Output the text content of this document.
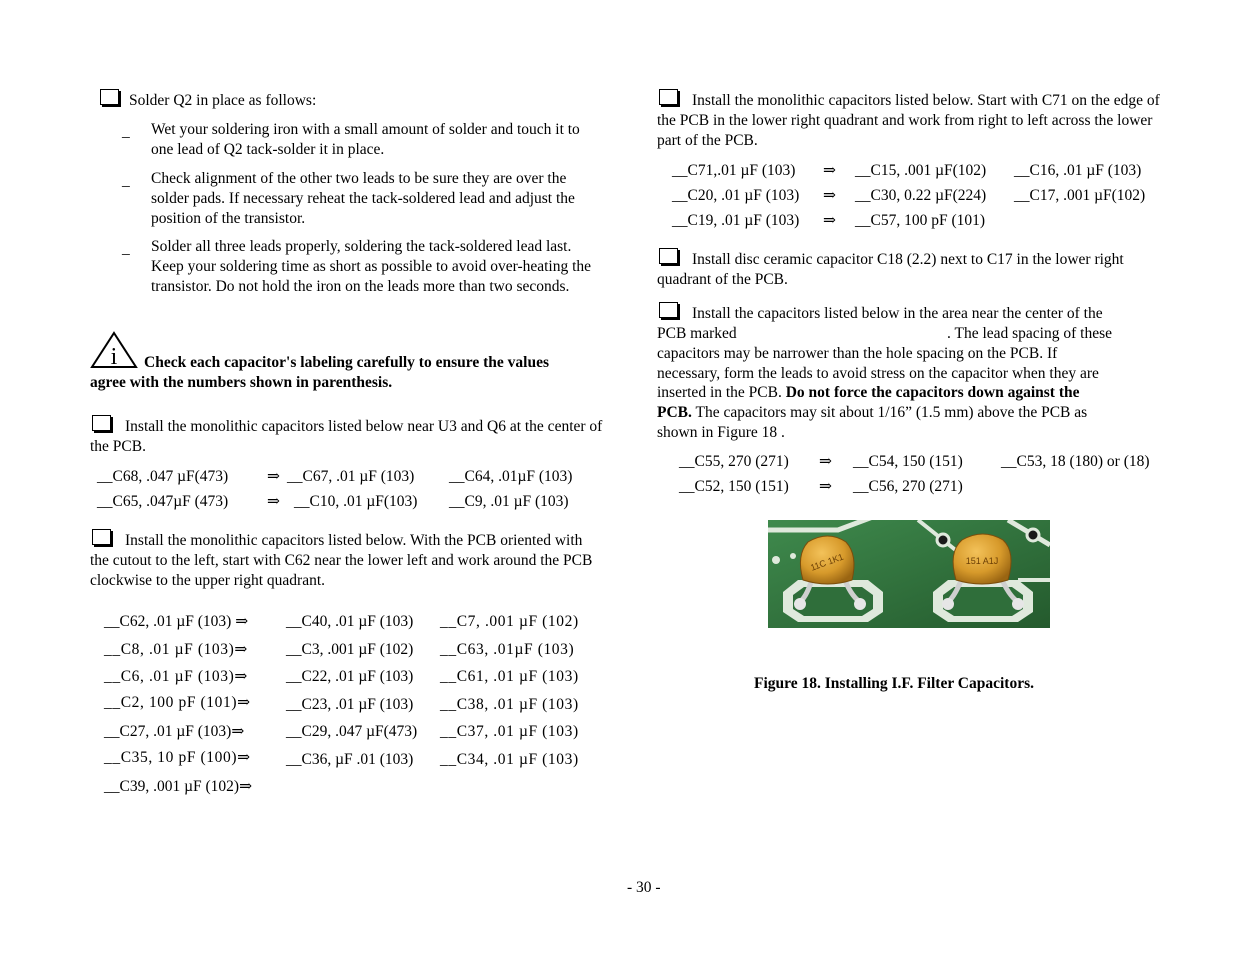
Solder Q2 in place as follows:
_ Wet your soldering iron with a small amount of solder and touch it to one lead of Q2 tack-solder it in place.
_ Check alignment of the other two leads to be sure they are over the solder pads. If necessary reheat the tack-soldered lead and adjust the position of the transistor.
_ Solder all three leads properly, soldering the tack-soldered lead last. Keep your soldering time as short as possible to avoid over-heating the transistor. Do not hold the iron on the leads more than two seconds.
i Check each capacitor's labeling carefully to ensure the values
agree with the numbers shown in parenthesis.
Install the monolithic capacitors listed below near U3 and Q6 at the center of the PCB.
__C68, .047 µF(473)	⇒ __C67, .01 µF (103) __C64, .01µF (103)
__C65, .047µF (473)	⇒ __C10, .01 µF(103) __C9, .01 µF (103)
Install the monolithic capacitors listed below. With the PCB oriented with the cutout to the left, start with C62 near the lower left and work around the PCB clockwise to the upper right quadrant.
__C62, .01 µF (103) ⇒ __C40, .01 µF (103) __C7, .001 µF (102)
__C8, .01 µF (103)⇒ __C3, .001 µF (102) __C63, .01µF (103)
__C6, .01 µF (103)⇒ __C22, .01 µF (103) __C61, .01 µF (103)
__C2, 100 pF (101)⇒ __C23, .01 µF (103) __C38, .01 µF (103)
__C27, .01 µF (103)⇒	__C29, .047 µF(473) __C37, .01 µF (103)
__C35, 10 pF (100)⇒ __C36, µF .01 (103) __C34, .01 µF (103)
__C39, .001 µF (102)⇒
Install the monolithic capacitors listed below. Start with C71 on the edge of the PCB in the lower right quadrant and work from right to left across the lower part of the PCB.
__C71,.01 µF (103) ⇒ __C15, .001 µF(102) __C16, .01 µF (103)
__C20, .01 µF (103) ⇒ __C30, 0.22 µF(224) __C17, .001 µF(102)
__C19, .01 µF (103) ⇒ __C57, 100 pF (101)
Install disc ceramic capacitor C18 (2.2) next to C17 in the lower right quadrant of the PCB.
Install the capacitors listed below in the area near the center of the
PCB marked	. The lead spacing of these
capacitors may be narrower than the hole spacing on the PCB. If
necessary, form the leads to avoid stress on the capacitor when they are
inserted in the PCB. Do not force the capacitors down against the
PCB. The capacitors may sit about 1/16” (1.5 mm) above the PCB as
shown in Figure 18 .
__C55, 270 (271) ⇒ __C54, 150 (151) __C53, 18 (180) or (18)
__C52, 150 (151) ⇒ __C56, 270 (271)
11C 1K1	151 A1J
Figure 18. Installing I.F. Filter Capacitors.
- 30 -
